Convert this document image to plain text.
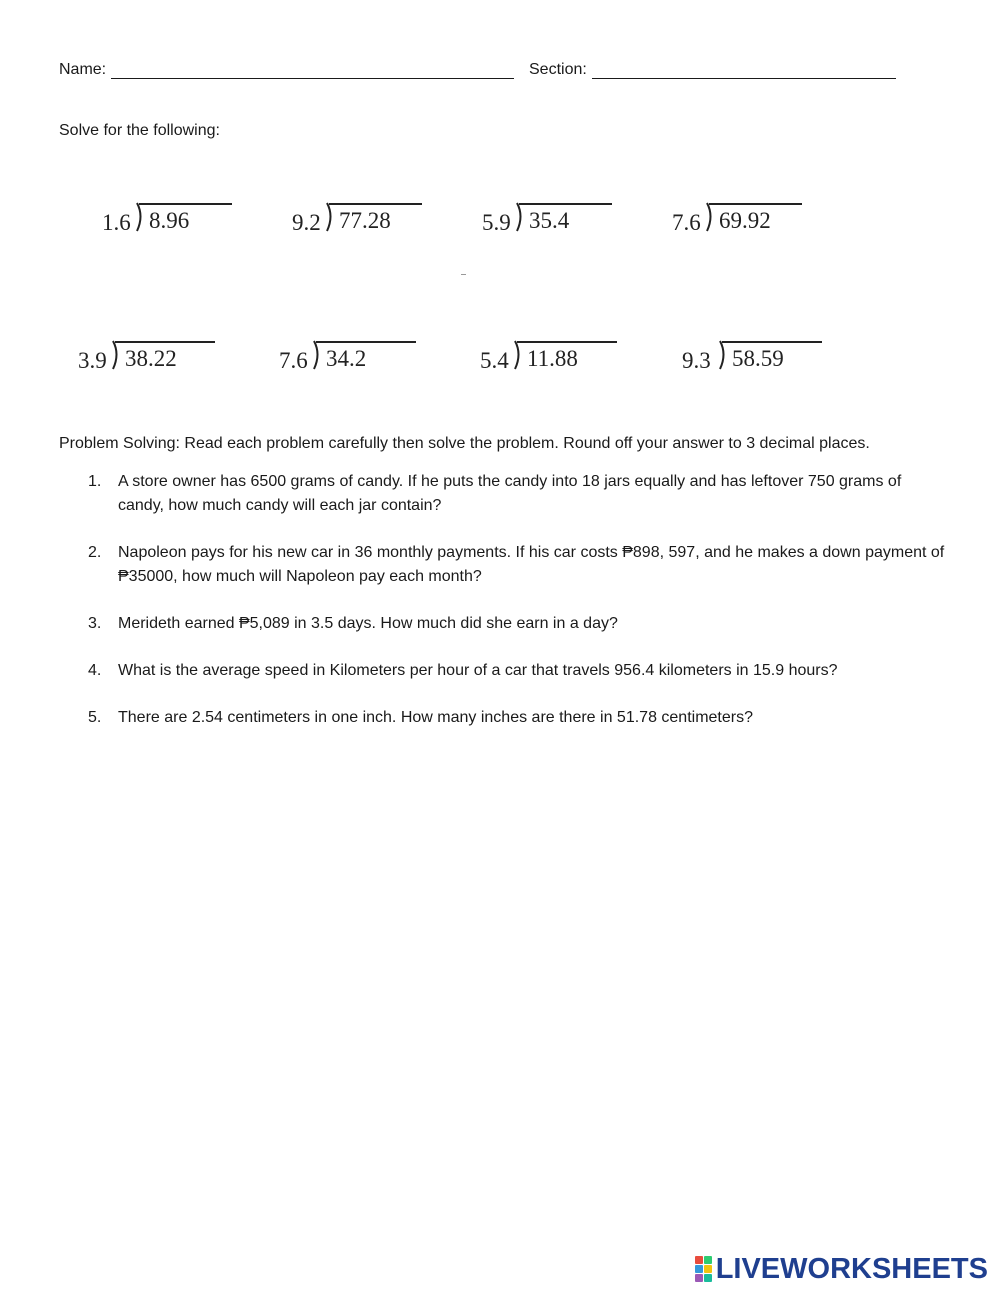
Name:	Section:
Solve for the following:
1.6 8.96	9.2 77.28	5.9 35.4	7.6 69.92
3.9 38.22	7.6 34.2	5.4 11.88	9.3 58.59
Problem Solving: Read each problem carefully then solve the problem. Round off your answer to 3 decimal places.
1. A store owner has 6500 grams of candy. If he puts the candy into 18 jars equally and has leftover 750 grams of candy, how much candy will each jar contain?
2. Napoleon pays for his new car in 36 monthly payments. If his car costs ₱898, 597, and he makes a down payment of ₱35000, how much will Napoleon pay each month?
3. Merideth earned ₱5,089 in 3.5 days. How much did she earn in a day?
4. What is the average speed in Kilometers per hour of a car that travels 956.4 kilometers in 15.9 hours?
5. There are 2.54 centimeters in one inch. How many inches are there in 51.78 centimeters?
LIVEWORKSHEETS
